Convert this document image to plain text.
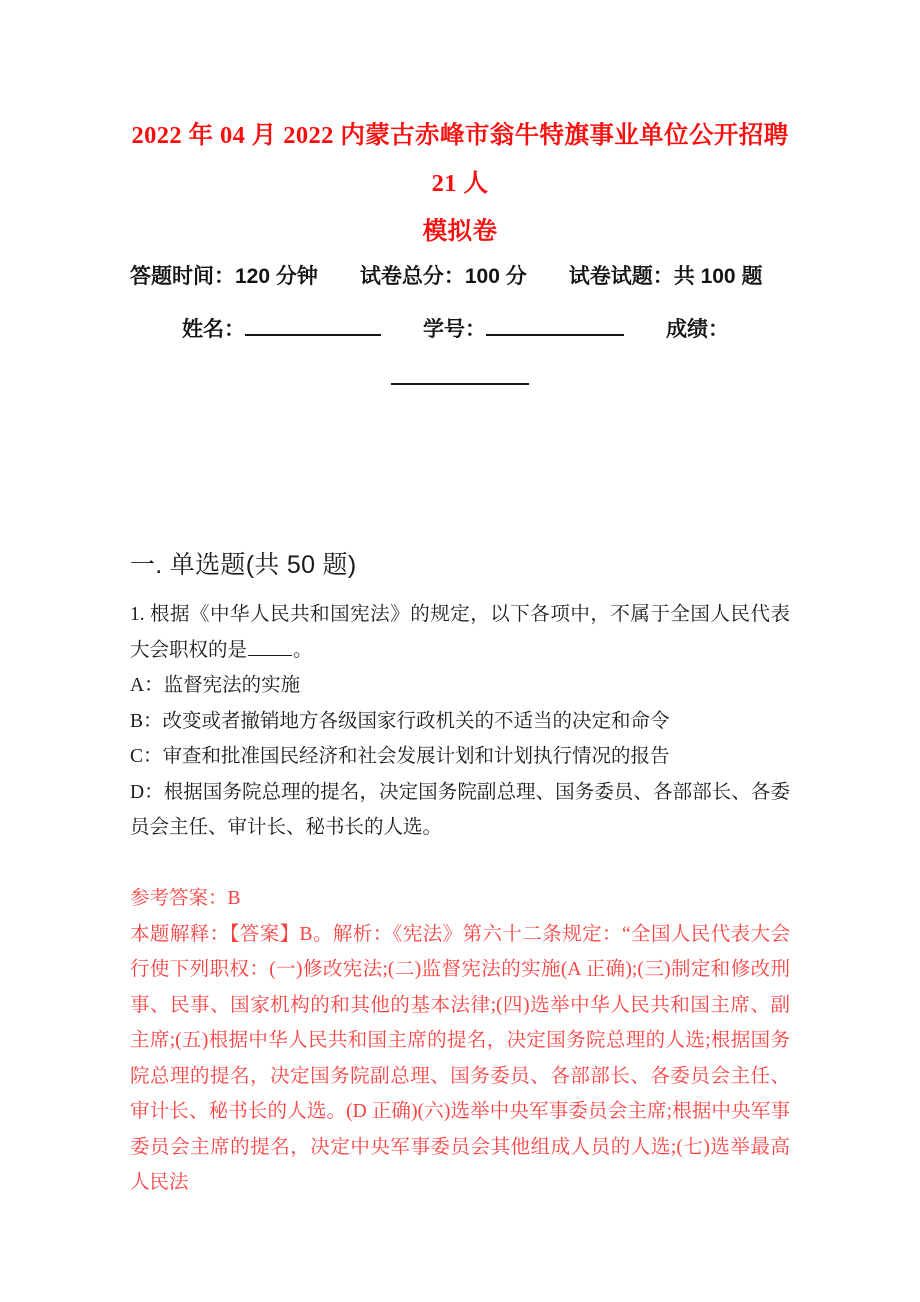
2022 年 04 月 2022 内蒙古赤峰市翁牛特旗事业单位公开招聘 21 人
模拟卷
答题时间：120 分钟　　试卷总分：100 分　　试卷试题：共 100 题
姓名：　　	学号：　　	成绩：
一. 单选题(共 50 题)

1. 根据《中华人民共和国宪法》的规定，以下各项中，不属于全国人民代表大会职权的是 。

A：监督宪法的实施

B：改变或者撤销地方各级国家行政机关的不适当的决定和命令

C：审查和批准国民经济和社会发展计划和计划执行情况的报告

D：根据国务院总理的提名，决定国务院副总理、国务委员、各部部长、各委员会主任、审计长、秘书长的人选。

参考答案：B

本题解释：【答案】B。解析：《宪法》第六十二条规定：“全国人民代表大会行使下列职权：(一)修改宪法;(二)监督宪法的实施(A 正确);(三)制定和修改刑事、民事、国家机构的和其他的基本法律;(四)选举中华人民共和国主席、副主席;(五)根据中华人民共和国主席的提名，决定国务院总理的人选;根据国务院总理的提名，决定国务院副总理、国务委员、各部部长、各委员会主任、审计长、秘书长的人选。(D 正确)(六)选举中央军事委员会主席;根据中央军事委员会主席的提名，决定中央军事委员会其他组成人员的人选;(七)选举最高人民法
